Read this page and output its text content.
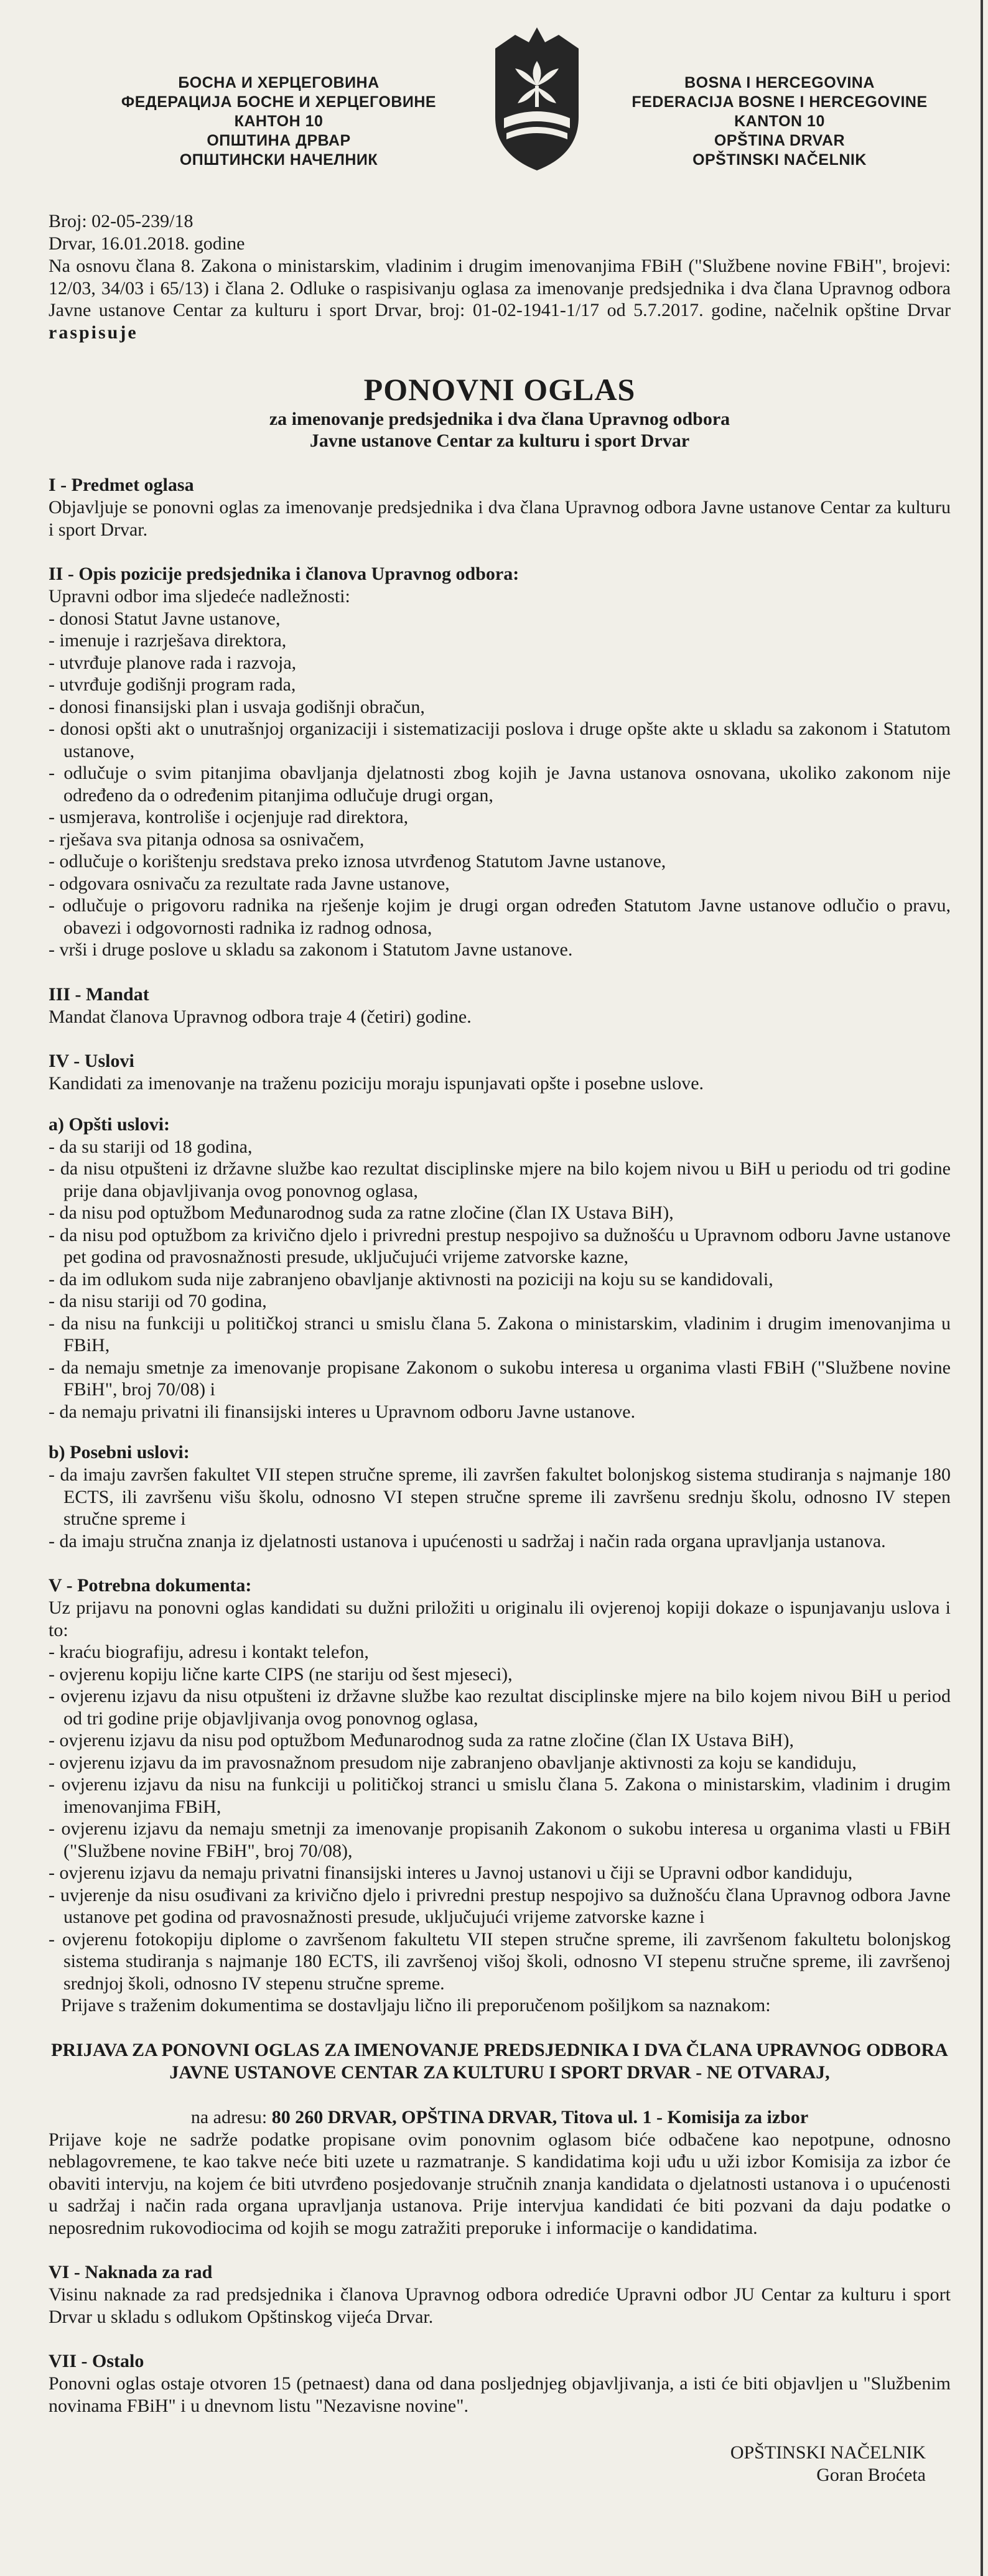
БОСНА И ХЕРЦЕГОВИНА
ФЕДЕРАЦИЈА БОСНЕ И ХЕРЦЕГОВИНЕ
КАНТОН 10
ОПШТИНА ДРВАР
ОПШТИНСКИ НАЧЕЛНИК
BOSNA I HERCEGOVINA
FEDERACIJA BOSNE I HERCEGOVINE
KANTON 10
OPŠTINA DRVAR
OPŠTINSKI NAČELNIK
Broj: 02-05-239/18
Drvar, 16.01.2018. godine

Na osnovu člana 8. Zakona o ministarskim, vladinim i drugim imenovanjima FBiH ("Službene novine FBiH", brojevi: 12/03, 34/03 i 65/13) i člana 2. Odluke o raspisivanju oglasa za imenovanje predsjednika i dva člana Upravnog odbora Javne ustanove Centar za kulturu i sport Drvar, broj: 01-02-1941-1/17 od 5.7.2017. godine, načelnik opštine Drvar raspisuje

PONOVNI OGLAS
za imenovanje predsjednika i dva člana Upravnog odbora
Javne ustanove Centar za kulturu i sport Drvar
I - Predmet oglasa

Objavljuje se ponovni oglas za imenovanje predsjednika i dva člana Upravnog odbora Javne ustanove Centar za kulturu i sport Drvar.

II - Opis pozicije predsjednika i članova Upravnog odbora:

Upravni odbor ima sljedeće nadležnosti:

- donosi Statut Javne ustanove,
- imenuje i razrješava direktora,
- utvrđuje planove rada i razvoja,
- utvrđuje godišnji program rada,
- donosi finansijski plan i usvaja godišnji obračun,
- donosi opšti akt o unutrašnjoj organizaciji i sistematizaciji poslova i druge opšte akte u skladu sa zakonom i Statutom ustanove,
- odlučuje o svim pitanjima obavljanja djelatnosti zbog kojih je Javna ustanova osnovana, ukoliko zakonom nije određeno da o određenim pitanjima odlučuje drugi organ,
- usmjerava, kontroliše i ocjenjuje rad direktora,
- rješava sva pitanja odnosa sa osnivačem,
- odlučuje o korištenju sredstava preko iznosa utvrđenog Statutom Javne ustanove,
- odgovara osnivaču za rezultate rada Javne ustanove,
- odlučuje o prigovoru radnika na rješenje kojim je drugi organ određen Statutom Javne ustanove odlučio o pravu, obavezi i odgovornosti radnika iz radnog odnosa,
- vrši i druge poslove u skladu sa zakonom i Statutom Javne ustanove.
III - Mandat

Mandat članova Upravnog odbora traje 4 (četiri) godine.

IV - Uslovi

Kandidati za imenovanje na traženu poziciju moraju ispunjavati opšte i posebne uslove.

a) Opšti uslovi:
- da su stariji od 18 godina,
- da nisu otpušteni iz državne službe kao rezultat disciplinske mjere na bilo kojem nivou u BiH u periodu od tri godine prije dana objavljivanja ovog ponovnog oglasa,
- da nisu pod optužbom Međunarodnog suda za ratne zločine (član IX Ustava BiH),
- da nisu pod optužbom za krivično djelo i privredni prestup nespojivo sa dužnošću u Upravnom odboru Javne ustanove pet godina od pravosnažnosti presude, uključujući vrijeme zatvorske kazne,
- da im odlukom suda nije zabranjeno obavljanje aktivnosti na poziciji na koju su se kandidovali,
- da nisu stariji od 70 godina,
- da nisu na funkciji u političkoj stranci u smislu člana 5. Zakona o ministarskim, vladinim i drugim imenovanjima u FBiH,
- da nemaju smetnje za imenovanje propisane Zakonom o sukobu interesa u organima vlasti FBiH ("Službene novine FBiH", broj 70/08) i
- da nemaju privatni ili finansijski interes u Upravnom odboru Javne ustanove.
b) Posebni uslovi:
- da imaju završen fakultet VII stepen stručne spreme, ili završen fakultet bolonjskog sistema studiranja s najmanje 180 ECTS, ili završenu višu školu, odnosno VI stepen stručne spreme ili završenu srednju školu, odnosno IV stepen stručne spreme i
- da imaju stručna znanja iz djelatnosti ustanova i upućenosti u sadržaj i način rada organa upravljanja ustanova.
V - Potrebna dokumenta:

Uz prijavu na ponovni oglas kandidati su dužni priložiti u originalu ili ovjerenoj kopiji dokaze o ispunjavanju uslova i to:

- kraću biografiju, adresu i kontakt telefon,
- ovjerenu kopiju lične karte CIPS (ne stariju od šest mjeseci),
- ovjerenu izjavu da nisu otpušteni iz državne službe kao rezultat disciplinske mjere na bilo kojem nivou BiH u period od tri godine prije objavljivanja ovog ponovnog oglasa,
- ovjerenu izjavu da nisu pod optužbom Međunarodnog suda za ratne zločine (član IX Ustava BiH),
- ovjerenu izjavu da im pravosnažnom presudom nije zabranjeno obavljanje aktivnosti za koju se kandiduju,
- ovjerenu izjavu da nisu na funkciji u političkoj stranci u smislu člana 5. Zakona o ministarskim, vladinim i drugim imenovanjima FBiH,
- ovjerenu izjavu da nemaju smetnji za imenovanje propisanih Zakonom o sukobu interesa u organima vlasti u FBiH ("Službene novine FBiH", broj 70/08),
- ovjerenu izjavu da nemaju privatni finansijski interes u Javnoj ustanovi u čiji se Upravni odbor kandiduju,
- uvjerenje da nisu osuđivani za krivično djelo i privredni prestup nespojivo sa dužnošću člana Upravnog odbora Javne ustanove pet godina od pravosnažnosti presude, uključujući vrijeme zatvorske kazne i
- ovjerenu fotokopiju diplome o završenom fakultetu VII stepen stručne spreme, ili završenom fakultetu bolonjskog sistema studiranja s najmanje 180 ECTS, ili završenoj višoj školi, odnosno VI stepenu stručne spreme, ili završenoj srednjoj školi, odnosno IV stepenu stručne spreme.

Prijave s traženim dokumentima se dostavljaju lično ili preporučenom pošiljkom sa naznakom:

PRIJAVA ZA PONOVNI OGLAS ZA IMENOVANJE PREDSJEDNIKA I DVA ČLANA UPRAVNOG ODBORA JAVNE USTANOVE CENTAR ZA KULTURU I SPORT DRVAR - NE OTVARAJ,
na adresu: 80 260 DRVAR, OPŠTINA DRVAR, Titova ul. 1 - Komisija za izbor

Prijave koje ne sadrže podatke propisane ovim ponovnim oglasom biće odbačene kao nepotpune, odnosno neblagovremene, te kao takve neće biti uzete u razmatranje. S kandidatima koji uđu u uži izbor Komisija za izbor će obaviti intervju, na kojem će biti utvrđeno posjedovanje stručnih znanja kandidata o djelatnosti ustanova i o upućenosti u sadržaj i način rada organa upravljanja ustanova. Prije intervjua kandidati će biti pozvani da daju podatke o neposrednim rukovodiocima od kojih se mogu zatražiti preporuke i informacije o kandidatima.

VI - Naknada za rad

Visinu naknade za rad predsjednika i članova Upravnog odbora odrediće Upravni odbor JU Centar za kulturu i sport Drvar u skladu s odlukom Opštinskog vijeća Drvar.

VII - Ostalo

Ponovni oglas ostaje otvoren 15 (petnaest) dana od dana posljednjeg objavljivanja, a isti će biti objavljen u "Službenim novinama FBiH" i u dnevnom listu "Nezavisne novine".

OPŠTINSKI NAČELNIK
Goran Broćeta
